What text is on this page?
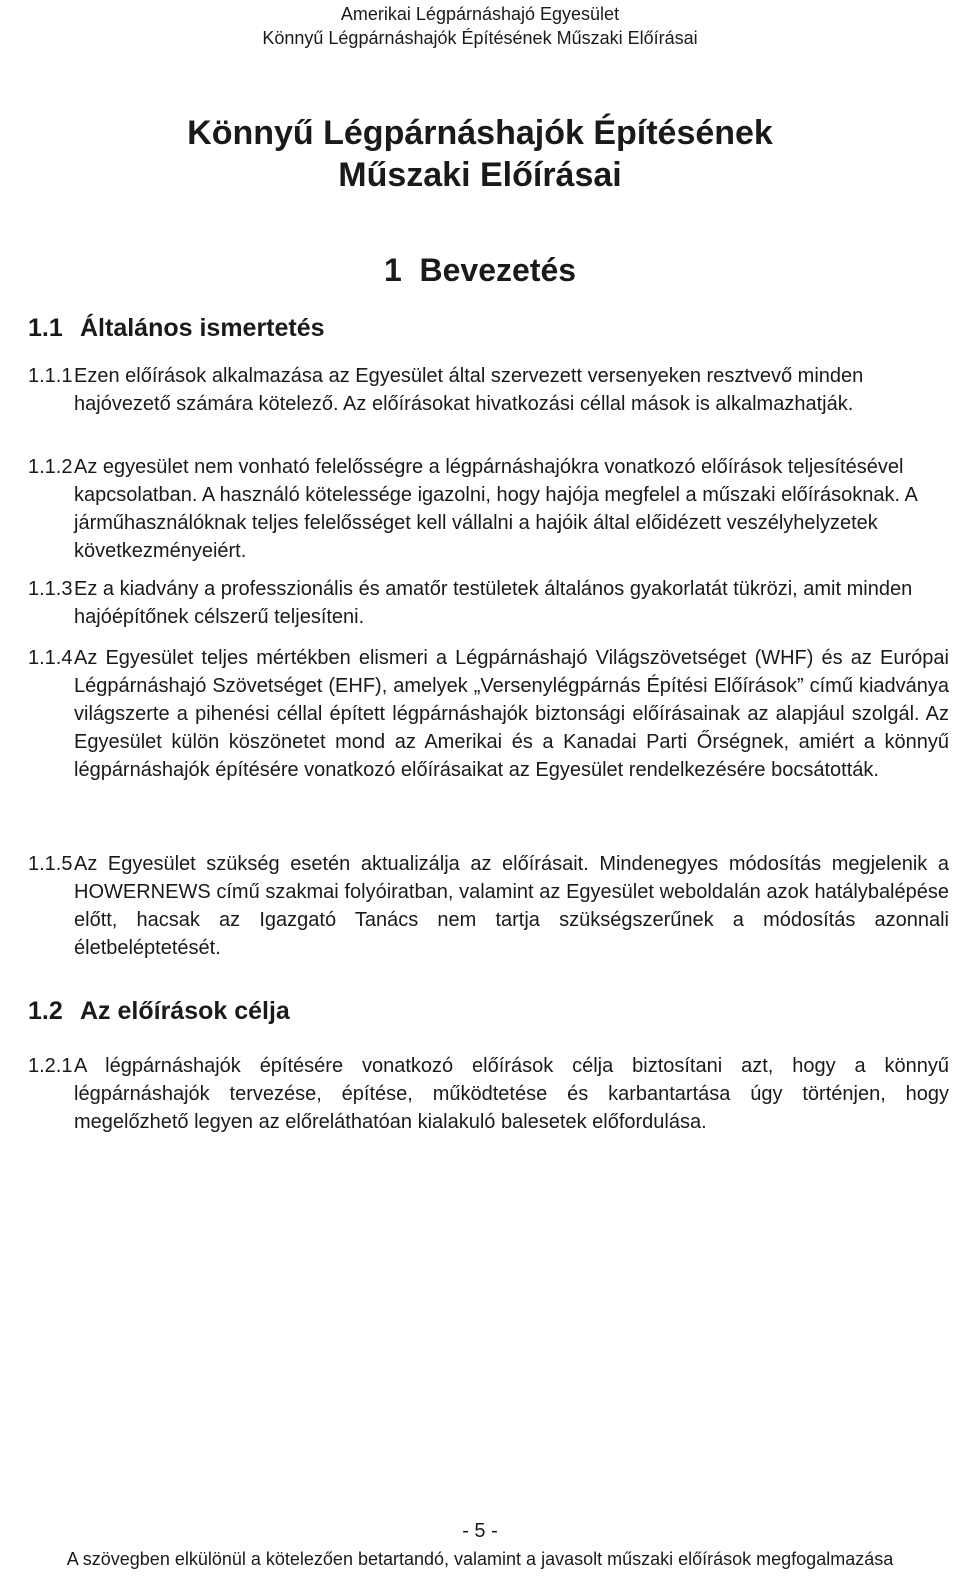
Amerikai Légpárnáshajó Egyesület
Könnyű Légpárnáshajók Építésének Műszaki Előírásai
Könnyű Légpárnáshajók Építésének
Műszaki Előírásai
1  Bevezetés
1.1 Általános ismertetés
1.1.1 Ezen előírások alkalmazása az Egyesület által szervezett versenyeken resztvevő minden hajóvezető számára kötelező. Az előírásokat hivatkozási céllal mások is alkalmazhatják.
1.1.2 Az egyesület nem vonható felelősségre a légpárnáshajókra vonatkozó előírások teljesítésével kapcsolatban. A használó kötelessége igazolni, hogy hajója megfelel a műszaki előírásoknak. A járműhasználóknak teljes felelősséget kell vállalni a hajóik által előidézett veszélyhelyzetek következményeiért.
1.1.3 Ez a kiadvány a professzionális és amatőr testületek általános gyakorlatát tükrözi, amit minden hajóépítőnek célszerű teljesíteni.
1.1.4 Az Egyesület teljes mértékben elismeri a Légpárnáshajó Világszövetséget (WHF) és az Európai Légpárnáshajó Szövetséget (EHF), amelyek „Versenylégpárnás Építési Előírások” című kiadványa világszerte a pihenési céllal épített légpárnáshajók biztonsági előírásainak az alapjául szolgál. Az Egyesület külön köszönetet mond az Amerikai és a Kanadai Parti Őrségnek, amiért a könnyű légpárnáshajók építésére vonatkozó előírásaikat az Egyesület rendelkezésére bocsátották.
1.1.5 Az Egyesület szükség esetén aktualizálja az előírásait. Mindenegyes módosítás megjelenik a HOWERNEWS című szakmai folyóiratban, valamint az Egyesület weboldalán azok hatálybalépése előtt, hacsak az Igazgató Tanács nem tartja szükségszerűnek a módosítás azonnali életbeléptetését.
1.2 Az előírások célja
1.2.1 A légpárnáshajók építésére vonatkozó előírások célja biztosítani azt, hogy a könnyű légpárnáshajók tervezése, építése, működtetése és karbantartása úgy történjen, hogy megelőzhető legyen az előreláthatóan kialakuló balesetek előfordulása.
- 5 -
A szövegben elkülönül a kötelezően betartandó, valamint a javasolt műszaki előírások megfogalmazása
